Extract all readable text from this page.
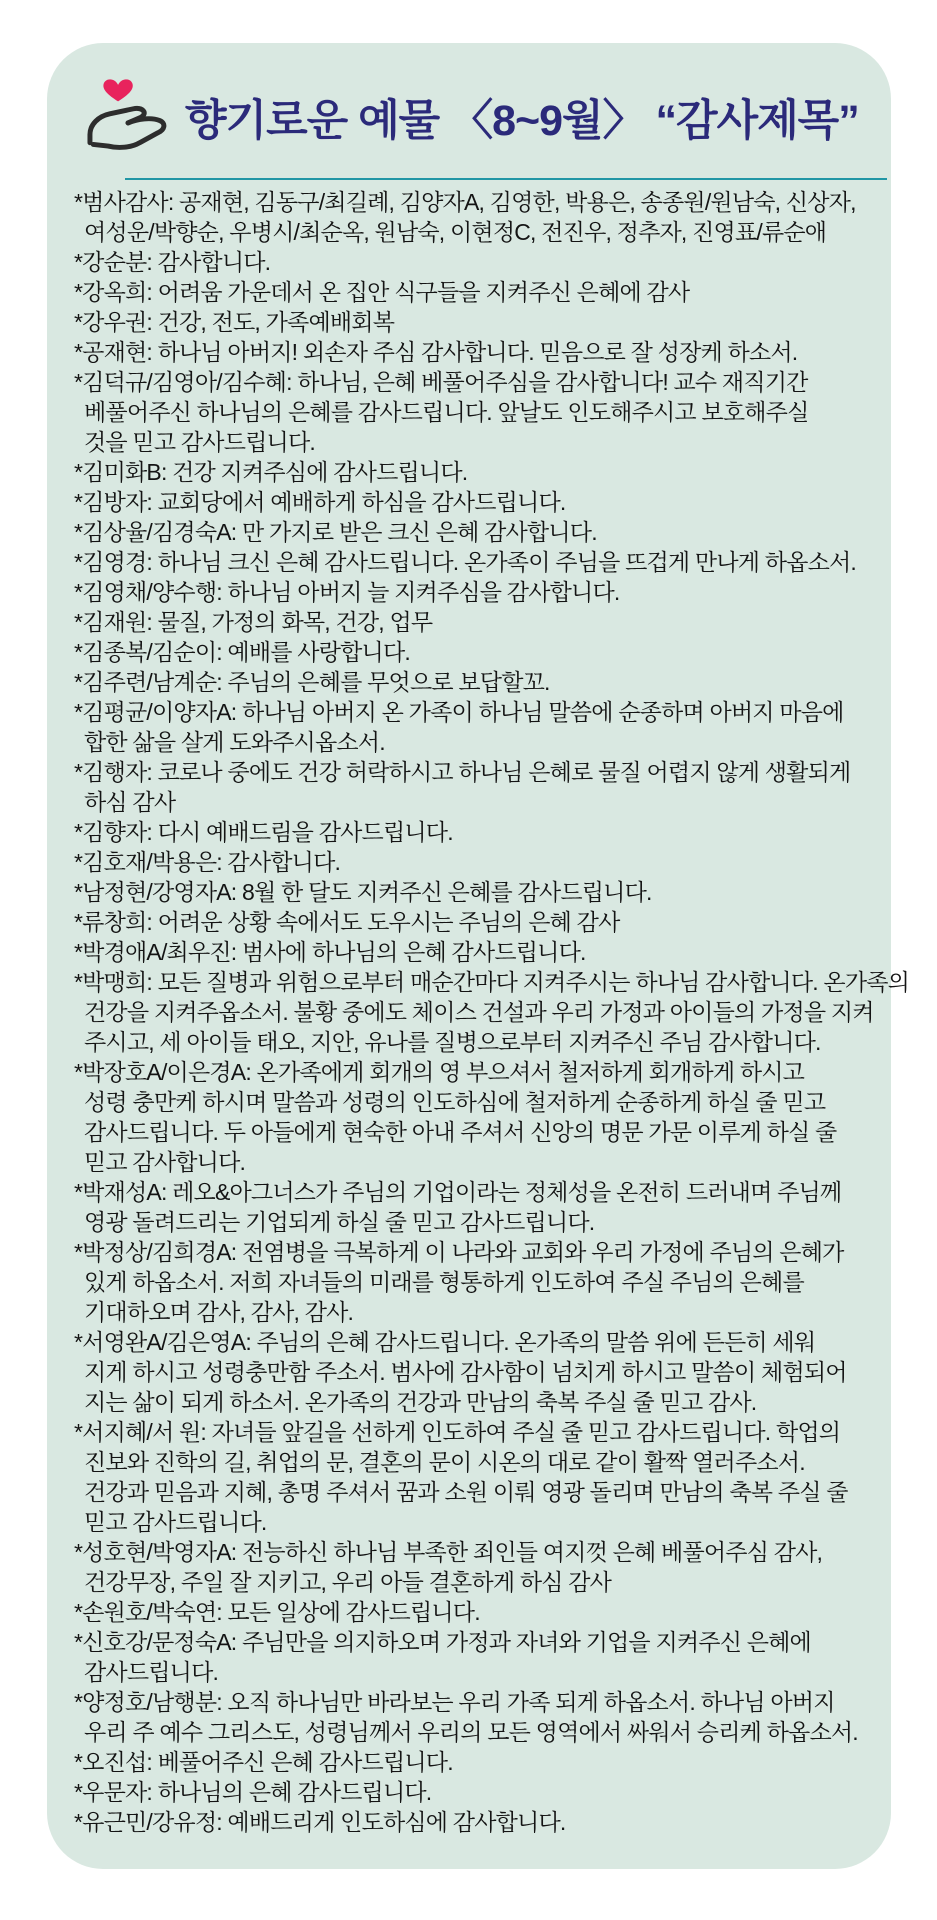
향기로운 예물 〈8~9월〉 “감사제목”
*범사감사: 공재현, 김동구/최길례, 김양자A, 김영한, 박용은, 송종원/원남숙, 신상자,
여성운/박향순, 우병시/최순옥, 원남숙, 이현정C, 전진우, 정추자, 진영표/류순애
*강순분: 감사합니다.
*강옥희: 어려움 가운데서 온 집안 식구들을 지켜주신 은혜에 감사
*강우권: 건강, 전도, 가족예배회복
*공재현: 하나님 아버지! 외손자 주심 감사합니다. 믿음으로 잘 성장케 하소서.
*김덕규/김영아/김수혜: 하나님, 은혜 베풀어주심을 감사합니다! 교수 재직기간
베풀어주신 하나님의 은혜를 감사드립니다. 앞날도 인도해주시고 보호해주실
것을 믿고 감사드립니다.
*김미화B: 건강 지켜주심에 감사드립니다.
*김방자: 교회당에서 예배하게 하심을 감사드립니다.
*김상율/김경숙A: 만 가지로 받은 크신 은혜 감사합니다.
*김영경: 하나님 크신 은혜 감사드립니다. 온가족이 주님을 뜨겁게 만나게 하옵소서.
*김영채/양수행: 하나님 아버지 늘 지켜주심을 감사합니다.
*김재원: 물질, 가정의 화목, 건강, 업무
*김종복/김순이: 예배를 사랑합니다.
*김주련/남계순: 주님의 은혜를 무엇으로 보답할꼬.
*김평균/이양자A: 하나님 아버지 온 가족이 하나님 말씀에 순종하며 아버지 마음에
합한 삶을 살게 도와주시옵소서.
*김행자: 코로나 중에도 건강 허락하시고 하나님 은혜로 물질 어렵지 않게 생활되게
하심 감사
*김향자: 다시 예배드림을 감사드립니다.
*김호재/박용은: 감사합니다.
*남정현/강영자A: 8월 한 달도 지켜주신 은혜를 감사드립니다.
*류창희: 어려운 상황 속에서도 도우시는 주님의 은혜 감사
*박경애A/최우진: 범사에 하나님의 은혜 감사드립니다.
*박맹희: 모든 질병과 위험으로부터 매순간마다 지켜주시는 하나님 감사합니다. 온가족의
건강을 지켜주옵소서. 불황 중에도 체이스 건설과 우리 가정과 아이들의 가정을 지켜
주시고, 세 아이들 태오, 지안, 유나를 질병으로부터 지켜주신 주님 감사합니다.
*박장호A/이은경A: 온가족에게 회개의 영 부으셔서 철저하게 회개하게 하시고
성령 충만케 하시며 말씀과 성령의 인도하심에 철저하게 순종하게 하실 줄 믿고
감사드립니다. 두 아들에게 현숙한 아내 주셔서 신앙의 명문 가문 이루게 하실 줄
믿고 감사합니다.
*박재성A: 레오&아그너스가 주님의 기업이라는 정체성을 온전히 드러내며 주님께
영광 돌려드리는 기업되게 하실 줄 믿고 감사드립니다.
*박정상/김희경A: 전염병을 극복하게 이 나라와 교회와 우리 가정에 주님의 은혜가
있게 하옵소서. 저희 자녀들의 미래를 형통하게 인도하여 주실 주님의 은혜를
기대하오며 감사, 감사, 감사.
*서영완A/김은영A: 주님의 은혜 감사드립니다. 온가족의 말씀 위에 든든히 세워
지게 하시고 성령충만함 주소서. 범사에 감사함이 넘치게 하시고 말씀이 체험되어
지는 삶이 되게 하소서. 온가족의 건강과 만남의 축복 주실 줄 믿고 감사.
*서지혜/서 원: 자녀들 앞길을 선하게 인도하여 주실 줄 믿고 감사드립니다. 학업의
진보와 진학의 길, 취업의 문, 결혼의 문이 시온의 대로 같이 활짝 열러주소서.
건강과 믿음과 지혜, 총명 주셔서 꿈과 소원 이뤄 영광 돌리며 만남의 축복 주실 줄
믿고 감사드립니다.
*성호현/박영자A: 전능하신 하나님 부족한 죄인들 여지껏 은혜 베풀어주심 감사,
건강무장, 주일 잘 지키고, 우리 아들 결혼하게 하심 감사
*손원호/박숙연: 모든 일상에 감사드립니다.
*신호강/문정숙A: 주님만을 의지하오며 가정과 자녀와 기업을 지켜주신 은혜에
감사드립니다.
*양정호/남행분: 오직 하나님만 바라보는 우리 가족 되게 하옵소서. 하나님 아버지
우리 주 예수 그리스도, 성령님께서 우리의 모든 영역에서 싸워서 승리케 하옵소서.
*오진섭: 베풀어주신 은혜 감사드립니다.
*우문자: 하나님의 은혜 감사드립니다.
*유근민/강유정: 예배드리게 인도하심에 감사합니다.
